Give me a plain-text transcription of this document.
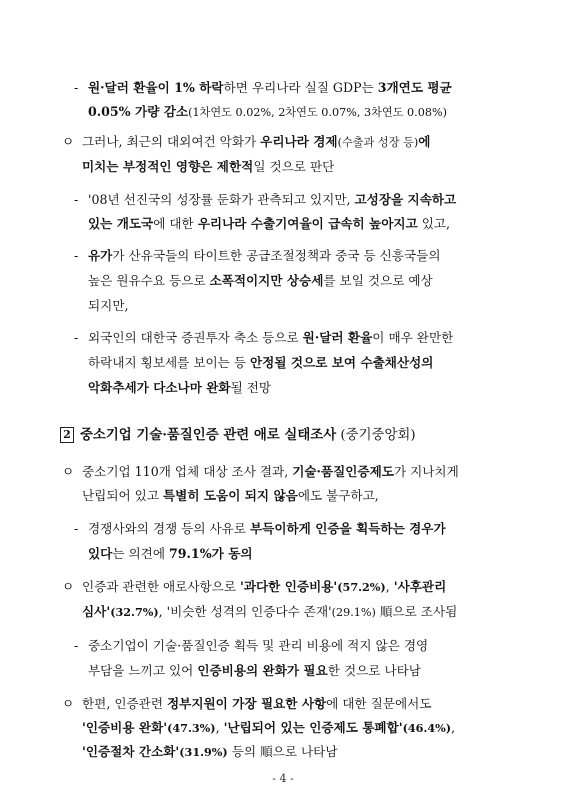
- 원·달러 환율이 1% 하락하면 우리나라 실질 GDP는 3개연도 평균
0.05% 가량 감소(1차연도 0.02%, 2차연도 0.07%, 3차연도 0.08%)
ㅇ 그러나, 최근의 대외여건 악화가 우리나라 경제(수출과 성장 등)에
미치는 부정적인 영향은 제한적일 것으로 판단
- '08년 선진국의 성장률 둔화가 관측되고 있지만, 고성장을 지속하고
있는 개도국에 대한 우리나라 수출기여율이 급속히 높아지고 있고,
- 유가가 산유국들의 타이트한 공급조절정책과 중국 등 신흥국들의
높은 원유수요 등으로 소폭적이지만 상승세를 보일 것으로 예상
되지만,
- 외국인의 대한국 증권투자 축소 등으로 원·달러 환율이 매우 완만한
하락내지 횡보세를 보이는 등 안정될 것으로 보여 수출채산성의
악화추세가 다소나마 완화될 전망
2 중소기업 기술·품질인증 관련 애로 실태조사 (중기중앙회)
ㅇ 중소기업 110개 업체 대상 조사 결과, 기술·품질인증제도가 지나치게
난립되어 있고 특별히 도움이 되지 않음에도 불구하고,
- 경쟁사와의 경쟁 등의 사유로 부득이하게 인증을 획득하는 경우가
있다는 의견에 79.1%가 동의
ㅇ 인증과 관련한 애로사항으로 '과다한 인증비용'(57.2%), '사후관리
심사'(32.7%), '비슷한 성격의 인증다수 존재'(29.1%) 順으로 조사됨
- 중소기업이 기술·품질인증 획득 및 관리 비용에 적지 않은 경영
부담을 느끼고 있어 인증비용의 완화가 필요한 것으로 나타남
ㅇ 한편, 인증관련 정부지원이 가장 필요한 사항에 대한 질문에서도
'인증비용 완화'(47.3%), '난립되어 있는 인증제도 통폐합'(46.4%),
'인증절차 간소화'(31.9%) 등의 順으로 나타남
- 4 -
